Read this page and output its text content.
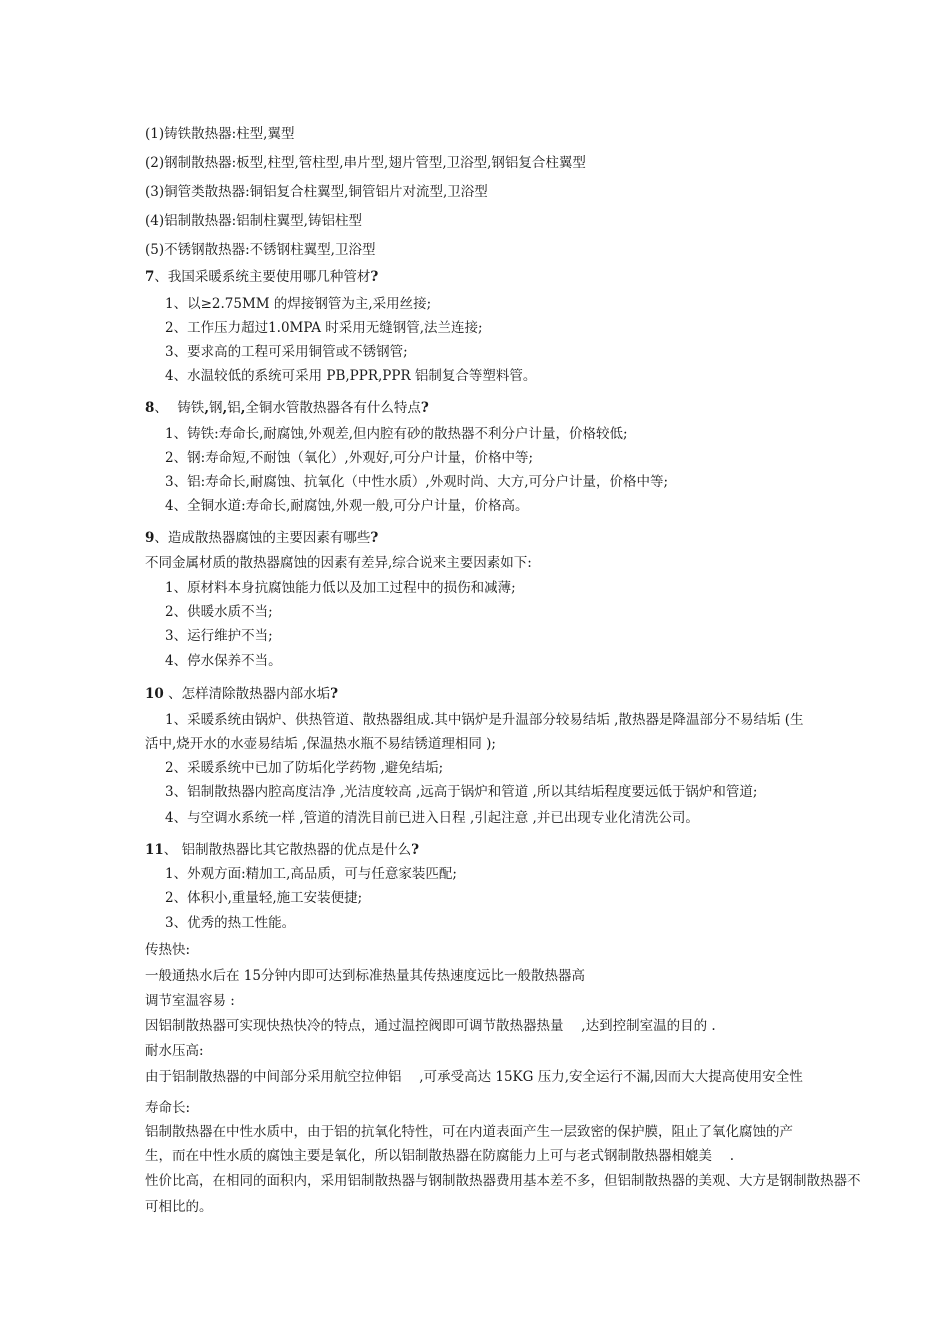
(1)铸铁散热器:柱型,翼型
(2)钢制散热器:板型,柱型,管柱型,串片型,翅片管型,卫浴型,钢铝复合柱翼型
(3)铜管类散热器:铜铝复合柱翼型,铜管铝片对流型,卫浴型
(4)铝制散热器:铝制柱翼型,铸铝柱型
(5)不锈钢散热器:不锈钢柱翼型,卫浴型
7、我国采暖系统主要使用哪几种管材?
1、以≥2.75MM 的焊接钢管为主,采用丝接;
2、工作压力超过1.0MPA 时采用无缝钢管,法兰连接;
3、要求高的工程可采用铜管或不锈钢管;
4、水温较低的系统可采用 PB,PPR,PPR 铝制复合等塑料管。
8、 铸铁,钢,铝,全铜水管散热器各有什么特点?
1、铸铁:寿命长,耐腐蚀,外观差,但内腔有砂的散热器不利分户计量，价格较低;
2、钢:寿命短,不耐蚀（氧化）,外观好,可分户计量，价格中等;
3、铝:寿命长,耐腐蚀、抗氧化（中性水质）,外观时尚、大方,可分户计量，价格中等;
4、全铜水道:寿命长,耐腐蚀,外观一般,可分户计量，价格高。
9、造成散热器腐蚀的主要因素有哪些?
不同金属材质的散热器腐蚀的因素有差异,综合说来主要因素如下:
1、原材料本身抗腐蚀能力低以及加工过程中的损伤和减薄;
2、供暖水质不当;
3、运行维护不当;
4、停水保养不当。
10 、怎样清除散热器内部水垢?
1、采暖系统由锅炉、供热管道、散热器组成.其中锅炉是升温部分较易结垢 ,散热器是降温部分不易结垢 (生
活中,烧开水的水壶易结垢 ,保温热水瓶不易结锈道理相同 );
2、采暖系统中已加了防垢化学药物 ,避免结垢;
3、铝制散热器内腔高度洁净 ,光洁度较高 ,远高于锅炉和管道 ,所以其结垢程度要远低于锅炉和管道;
4、与空调水系统一样 ,管道的清洗目前已进入日程 ,引起注意 ,并已出现专业化清洗公司。
11、 铝制散热器比其它散热器的优点是什么?
1、外观方面:精加工,高品质，可与任意家装匹配;
2、体积小,重量轻,施工安装便捷;
3、优秀的热工性能。
传热快:
一般通热水后在 15分钟内即可达到标准热量其传热速度远比一般散热器高
调节室温容易 :
因铝制散热器可实现快热快冷的特点，通过温控阀即可调节散热器热量 　,达到控制室温的目的 .
耐水压高:
由于铝制散热器的中间部分采用航空拉伸铝 　,可承受高达 15KG 压力,安全运行不漏,因而大大提高使用安全性
寿命长:
铝制散热器在中性水质中，由于铝的抗氧化特性，可在内道表面产生一层致密的保护膜，阻止了氧化腐蚀的产
生，而在中性水质的腐蚀主要是氧化，所以铝制散热器在防腐能力上可与老式钢制散热器相媲美　 .
性价比高，在相同的面积内，采用铝制散热器与钢制散热器费用基本差不多，但铝制散热器的美观、大方是钢制散热器不可相比的。
